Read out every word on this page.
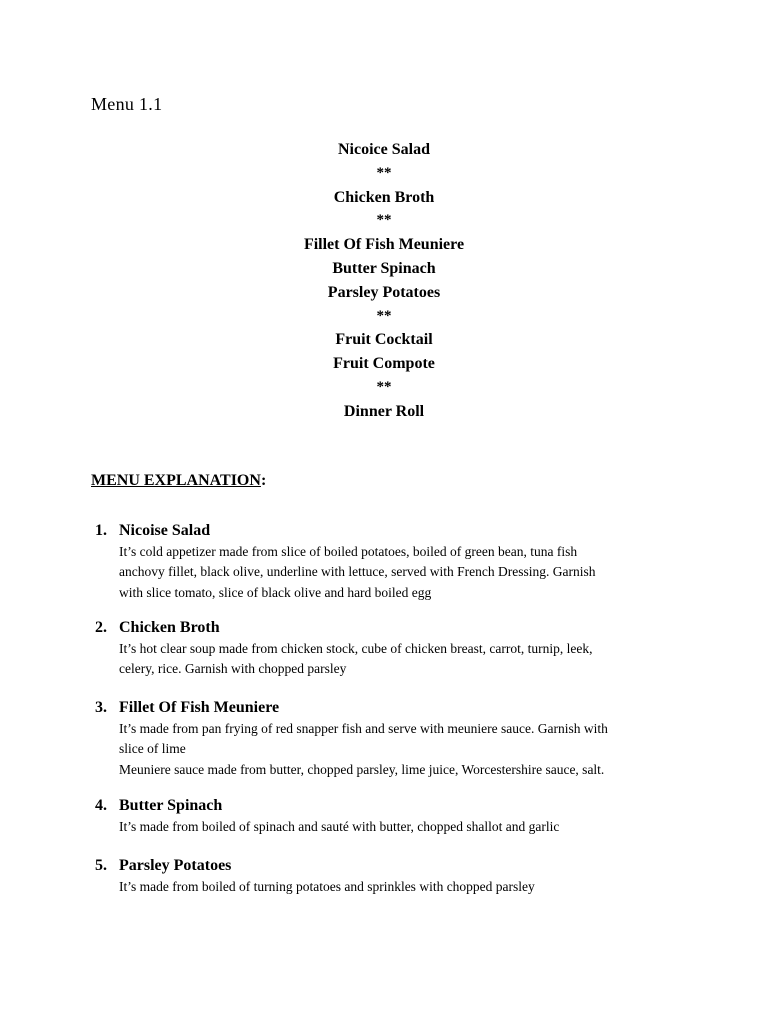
Menu 1.1
Nicoice Salad
**
Chicken Broth
**
Fillet Of Fish Meuniere
Butter Spinach
Parsley Potatoes
**
Fruit Cocktail
Fruit Compote
**
Dinner Roll
MENU EXPLANATION:
1. Nicoise Salad
It’s cold appetizer made from slice of boiled potatoes, boiled of green bean, tuna fish
anchovy fillet, black olive, underline with lettuce, served with French Dressing. Garnish
with slice tomato, slice of black olive and hard boiled egg
2. Chicken Broth
It’s hot clear soup made from chicken stock, cube of chicken breast, carrot, turnip, leek,
celery, rice. Garnish with chopped parsley
3. Fillet Of Fish Meuniere
It’s made from pan frying of red snapper fish and serve with meuniere sauce. Garnish with
slice of lime
Meuniere sauce made from butter, chopped parsley, lime juice, Worcestershire sauce, salt.
4. Butter Spinach
It’s made from boiled of spinach and sauté with butter, chopped shallot and garlic
5. Parsley Potatoes
It’s made from boiled of turning potatoes and sprinkles with chopped parsley
